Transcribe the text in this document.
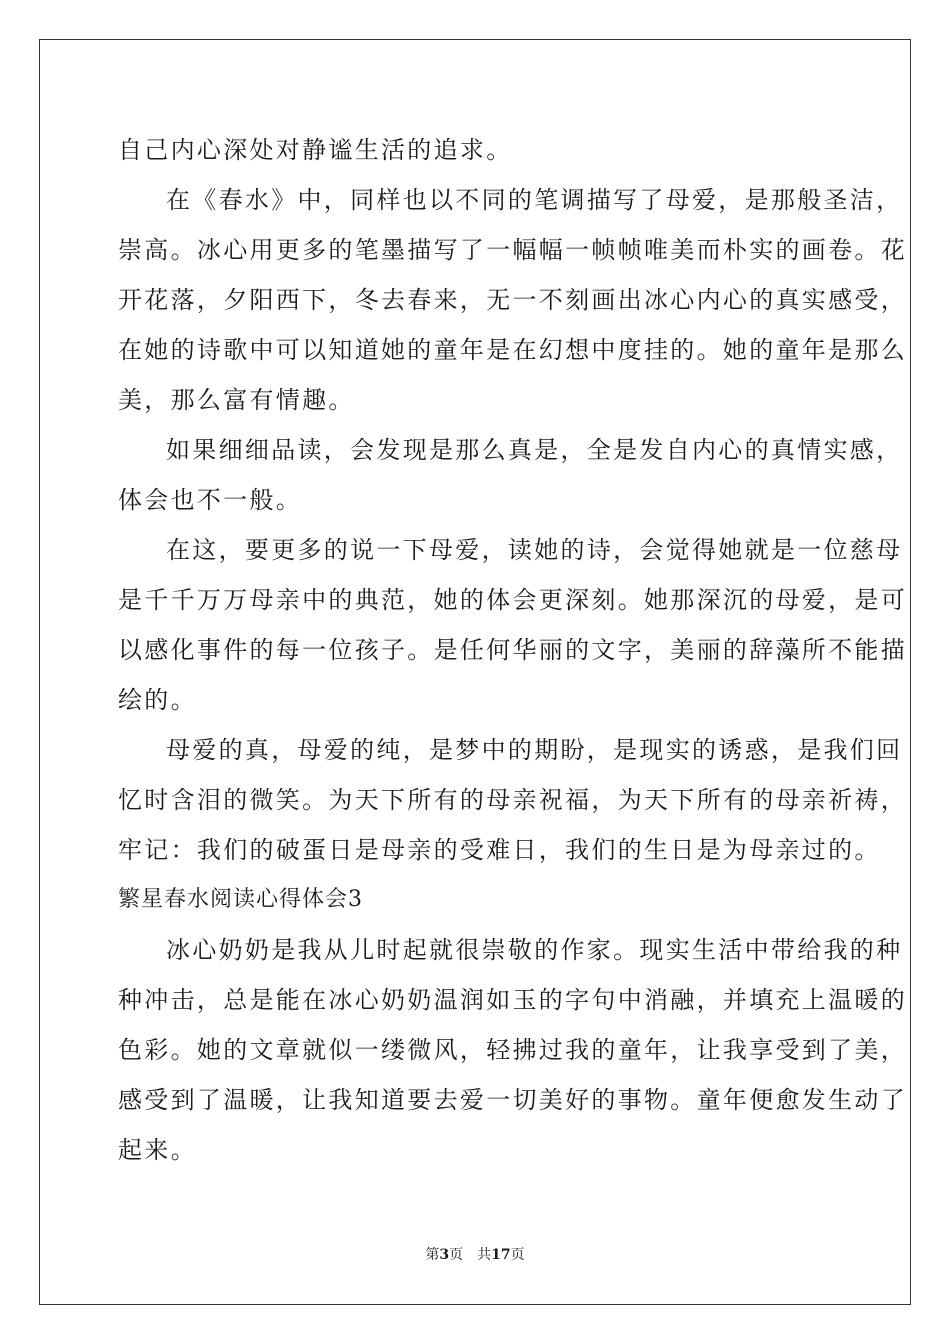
自己内心深处对静谧生活的追求。
在《春水》中，同样也以不同的笔调描写了母爱，是那般圣洁，
崇高。冰心用更多的笔墨描写了一幅幅一帧帧唯美而朴实的画卷。花
开花落，夕阳西下，冬去春来，无一不刻画出冰心内心的真实感受，
在她的诗歌中可以知道她的童年是在幻想中度挂的。她的童年是那么
美，那么富有情趣。
如果细细品读，会发现是那么真是，全是发自内心的真情实感，
体会也不一般。
在这，要更多的说一下母爱，读她的诗，会觉得她就是一位慈母
是千千万万母亲中的典范，她的体会更深刻。她那深沉的母爱，是可
以感化事件的每一位孩子。是任何华丽的文字，美丽的辞藻所不能描
绘的。
母爱的真，母爱的纯，是梦中的期盼，是现实的诱惑，是我们回
忆时含泪的微笑。为天下所有的母亲祝福，为天下所有的母亲祈祷，
牢记：我们的破蛋日是母亲的受难日，我们的生日是为母亲过的。
繁星春水阅读心得体会3
冰心奶奶是我从儿时起就很崇敬的作家。现实生活中带给我的种
种冲击，总是能在冰心奶奶温润如玉的字句中消融，并填充上温暖的
色彩。她的文章就似一缕微风，轻拂过我的童年，让我享受到了美，
感受到了温暖，让我知道要去爱一切美好的事物。童年便愈发生动了
起来。
第3页 共17页
